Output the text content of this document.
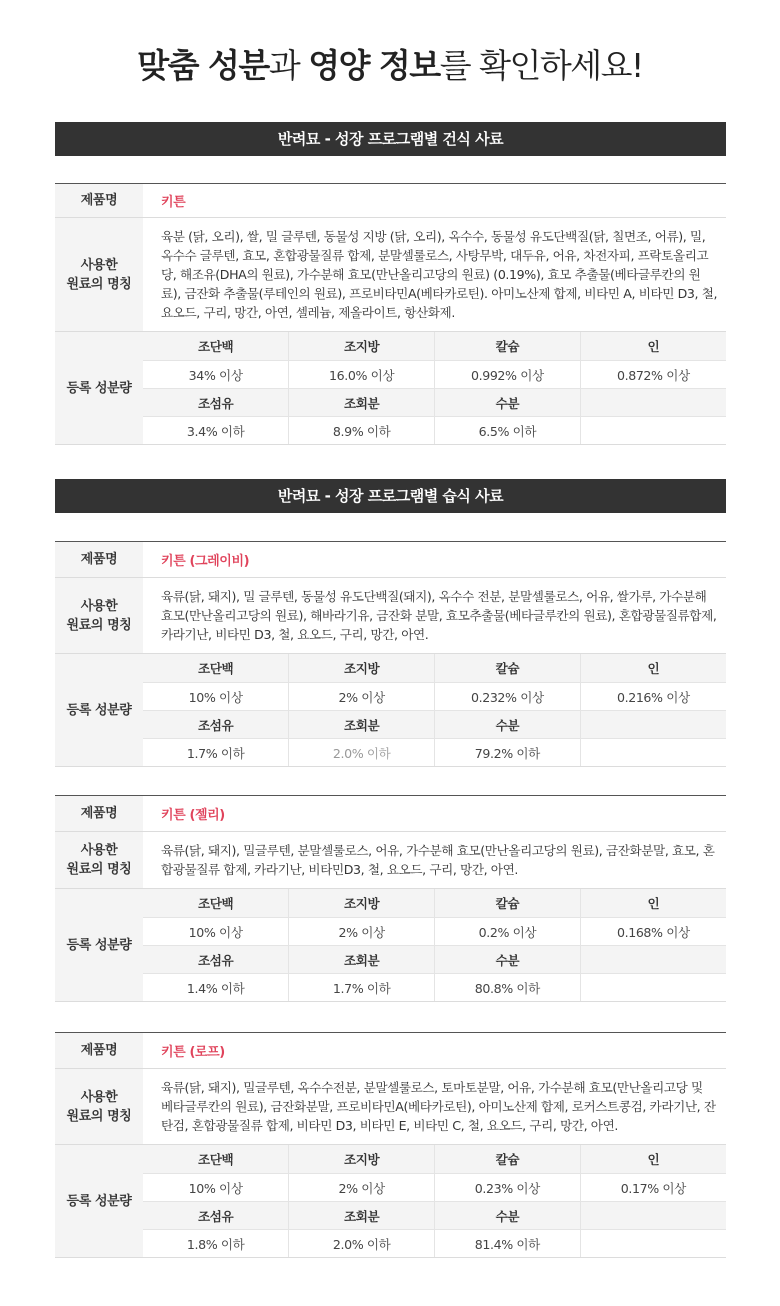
맞춤 성분과 영양 정보를 확인하세요!
반려묘 - 성장 프로그램별 건식 사료
반려묘 - 성장 프로그램별 습식 사료
제품명	키튼

사용한
원료의 명칭
	육분 (닭, 오리), 쌀, 밀 글루텐, 동물성 지방 (닭, 오리), 옥수수, 동물성 유도단백질(닭, 칠면조, 어류), 밀, 옥수수 글루텐, 효모, 혼합광물질류 합제, 분말셀룰로스, 사탕무박, 대두유, 어유, 차전자피, 프락토올리고당, 해조유(DHA의 원료), 가수분해 효모(만난올리고당의 원료) (0.19%), 효모 추출물(베타글루칸의 원료), 금잔화 추출물(루테인의 원료), 프로비타민A(베타카로틴). 아미노산제 합제, 비타민 A, 비타민 D3, 철, 요오드, 구리, 망간, 아연, 셀레늄, 제올라이트, 항산화제.
등록 성분량	
조단백	조지방	칼슘	인
34% 이상	16.0% 이상	0.992% 이상	0.872% 이상
조섬유	조회분	수분	
3.4% 이하	8.9% 이하	6.5% 이하	
제품명	키튼 (그레이비)

사용한
원료의 명칭
	육류(닭, 돼지), 밀 글루텐, 동물성 유도단백질(돼지), 옥수수 전분, 분말셀룰로스, 어유, 쌀가루, 가수분해효모(만난올리고당의 원료), 해바라기유, 금잔화 분말, 효모추출물(베타글루칸의 원료), 혼합광물질류합제, 카라기난, 비타민 D3, 철, 요오드, 구리, 망간, 아연.
등록 성분량	
조단백	조지방	칼슘	인
10% 이상	2% 이상	0.232% 이상	0.216% 이상
조섬유	조회분	수분	
1.7% 이하	2.0% 이하	79.2% 이하	
제품명	키튼 (젤리)

사용한
원료의 명칭
	육류(닭, 돼지), 밀글루텐, 분말셀룰로스, 어유, 가수분해 효모(만난올리고당의 원료), 금잔화분말, 효모, 혼합광물질류 합제, 카라기난, 비타민D3, 철, 요오드, 구리, 망간, 아연.
등록 성분량	
조단백	조지방	칼슘	인
10% 이상	2% 이상	0.2% 이상	0.168% 이상
조섬유	조회분	수분	
1.4% 이하	1.7% 이하	80.8% 이하	
제품명	키튼 (로프)

사용한
원료의 명칭
	육류(닭, 돼지), 밀글루텐, 옥수수전분, 분말셀룰로스, 토마토분말, 어유, 가수분해 효모(만난올리고당 및 베타글루칸의 원료), 금잔화분말, 프로비타민A(베타카로틴), 아미노산제 합제, 로커스트콩검, 카라기난, 잔탄검, 혼합광물질류 합제, 비타민 D3, 비타민 E, 비타민 C, 철, 요오드, 구리, 망간, 아연.
등록 성분량	
조단백	조지방	칼슘	인
10% 이상	2% 이상	0.23% 이상	0.17% 이상
조섬유	조회분	수분	
1.8% 이하	2.0% 이하	81.4% 이하	
